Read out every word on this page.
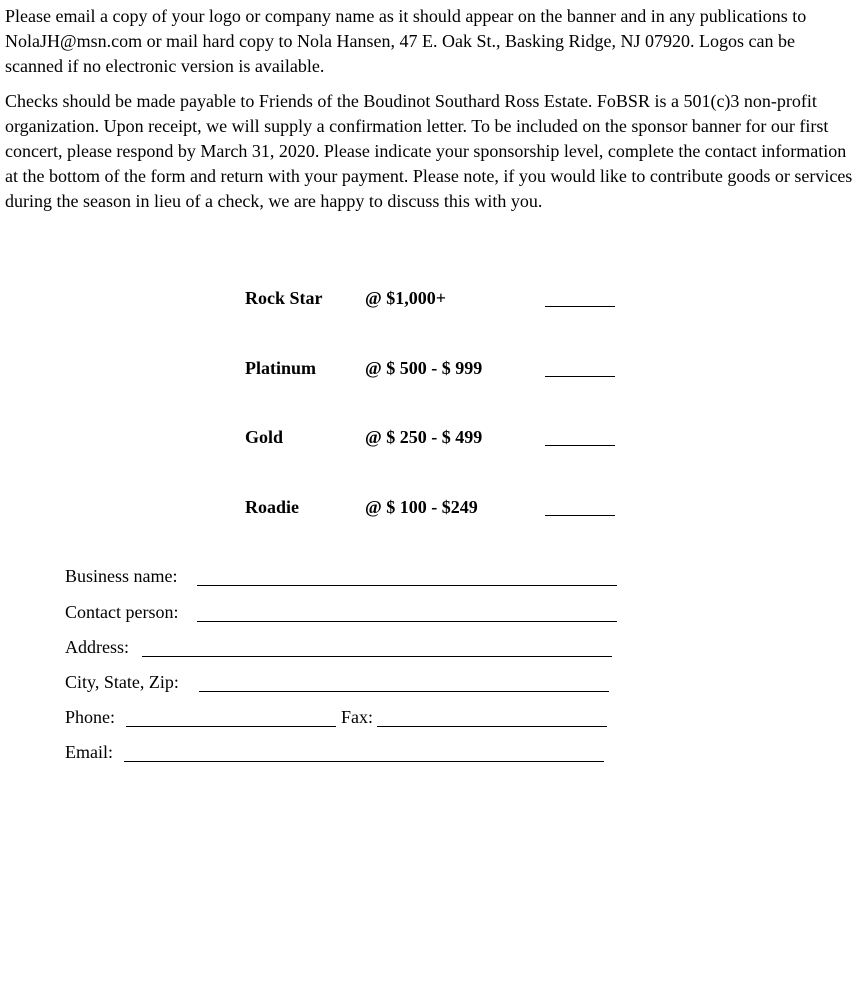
Please email a copy of your logo or company name as it should appear on the banner and in any publications to NolaJH@msn.com or mail hard copy to Nola Hansen, 47 E. Oak St., Basking Ridge, NJ 07920. Logos can be scanned if no electronic version is available.

Checks should be made payable to Friends of the Boudinot Southard Ross Estate. FoBSR is a 501(c)3 non-profit organization. Upon receipt, we will supply a confirmation letter. To be included on the sponsor banner for our first concert, please respond by March 31, 2020. Please indicate your sponsorship level, complete the contact information at the bottom of the form and return with your payment. Please note, if you would like to contribute goods or services during the season in lieu of a check, we are happy to discuss this with you.

Rock Star @ $1,000+
Platinum	@ $ 500 - $ 999
Gold	@ $ 250 - $ 499
Roadie	@ $ 100 - $249
Business name:
Contact person:
Address:
City, State, Zip:
Phone:	Fax:
Email:
